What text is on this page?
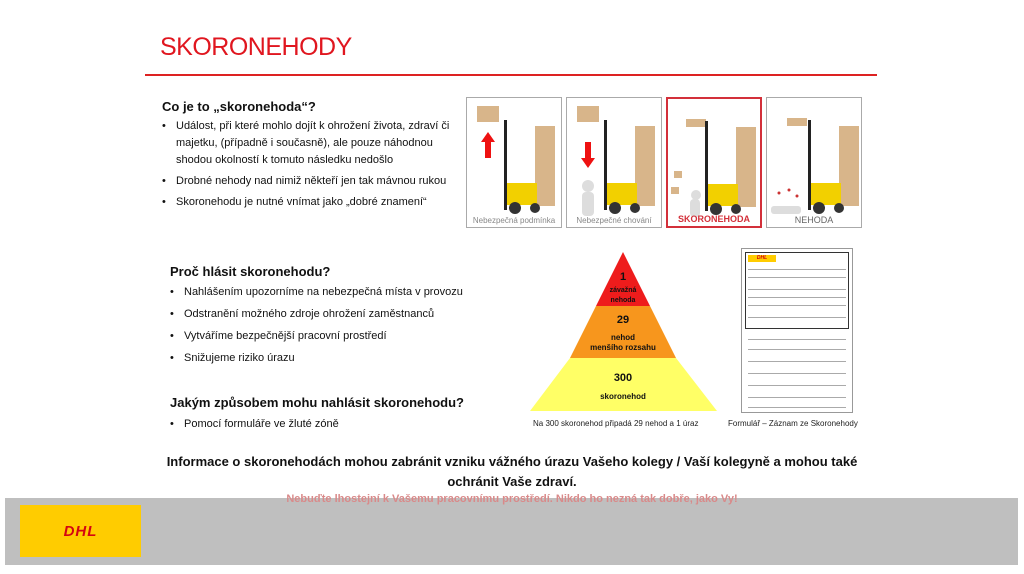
SKORONEHODY
Co je to „skoronehoda“?
• Událost, při které mohlo dojít k ohrožení života, zdraví či majetku, (případně i současně), ale pouze náhodnou shodou okolností k tomuto následku nedošlo
• Drobné nehody nad nimiž někteří jen tak mávnou rukou
• Skoronehodu je nutné vnímat jako „dobré znamení“
Nebezpečná podmínka	Nebezpečné chování	SKORONEHODA	NEHODA
Proč hlásit skoronehodu?
• Nahlášením upozorníme na nebezpečná místa v provozu
• Odstranění možného zdroje ohrožení zaměstnanců
• Vytváříme bezpečnější pracovní prostředí
• Snižujeme riziko úrazu
Jakým způsobem mohu nahlásit skoronehodu?
• Pomocí formuláře ve žluté zóně
1
závažná
nehoda
29
nehod
menšího rozsahu
300
skoronehod
Na 300 skoronehod připadá 29 nehod a 1 úraz
DHL
Formulář – Záznam ze Skoronehody
Informace o skoronehodách mohou zabránit vzniku vážného úrazu Vašeho kolegy / Vaší kolegyně a mohou také
ochránit Vaše zdraví.
Nebuďte lhostejní k Vašemu pracovnímu prostředí. Nikdo ho nezná tak dobře, jako Vy!
DHL
